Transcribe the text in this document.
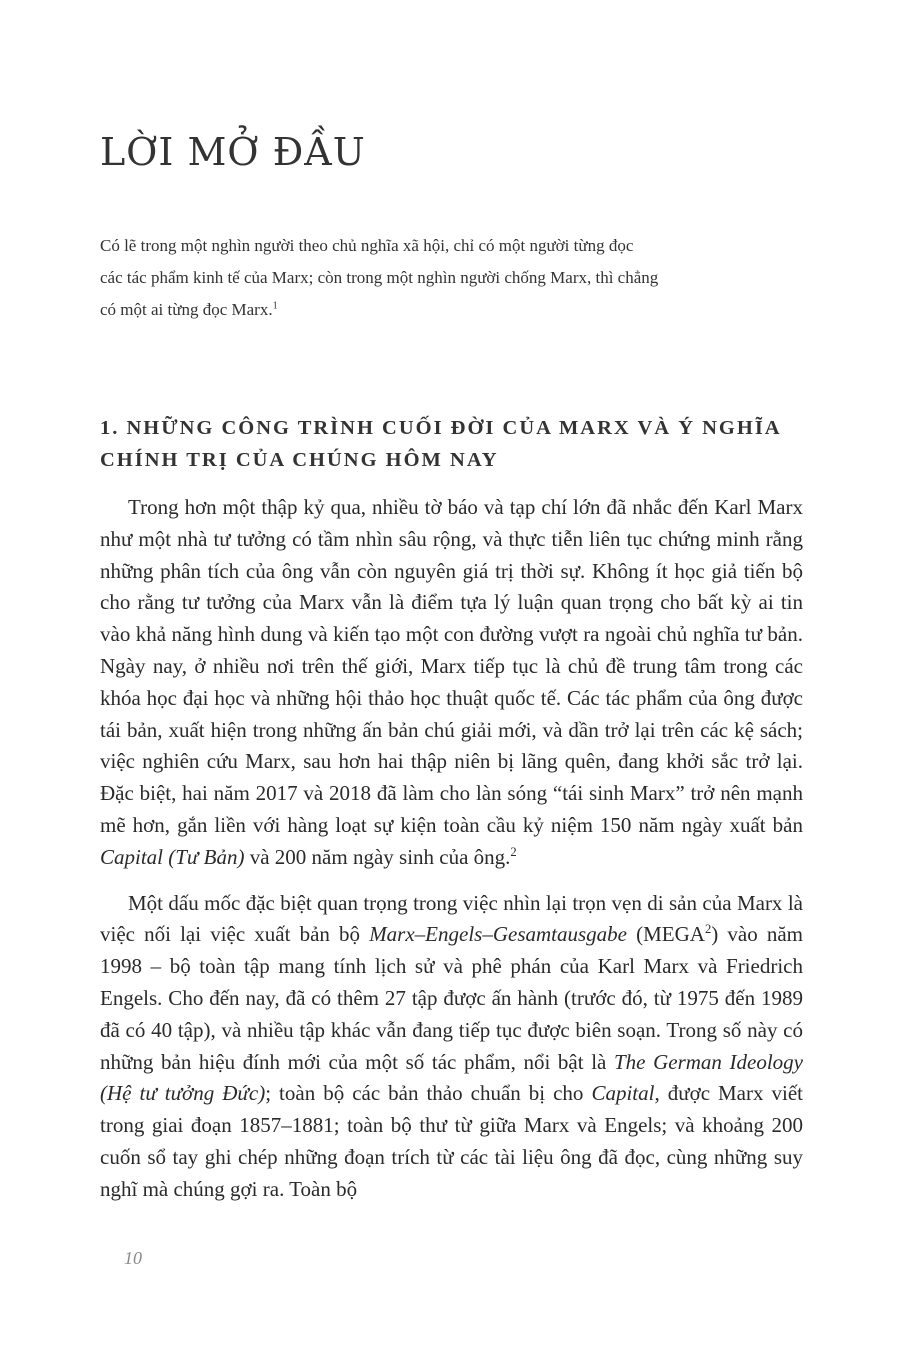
LỜI MỞ ĐẦU

Có lẽ trong một nghìn người theo chủ nghĩa xã hội, chỉ có một người từng đọc các tác phẩm kinh tế của Marx; còn trong một nghìn người chống Marx, thì chẳng có một ai từng đọc Marx.$^1$

1. NHỮNG CÔNG TRÌNH CUỐI ĐỜI CỦA MARX VÀ Ý NGHĨA CHÍNH TRỊ CỦA CHÚNG HÔM NAY

Trong hơn một thập kỷ qua, nhiều tờ báo và tạp chí lớn đã nhắc đến Karl Marx như một nhà tư tưởng có tầm nhìn sâu rộng, và thực tiễn liên tục chứng minh rằng những phân tích của ông vẫn còn nguyên giá trị thời sự. Không ít học giả tiến bộ cho rằng tư tưởng của Marx vẫn là điểm tựa lý luận quan trọng cho bất kỳ ai tin vào khả năng hình dung và kiến tạo một con đường vượt ra ngoài chủ nghĩa tư bản. Ngày nay, ở nhiều nơi trên thế giới, Marx tiếp tục là chủ đề trung tâm trong các khóa học đại học và những hội thảo học thuật quốc tế. Các tác phẩm của ông được tái bản, xuất hiện trong những ấn bản chú giải mới, và dần trở lại trên các kệ sách; việc nghiên cứu Marx, sau hơn hai thập niên bị lãng quên, đang khởi sắc trở lại. Đặc biệt, hai năm 2017 và 2018 đã làm cho làn sóng “tái sinh Marx” trở nên mạnh mẽ hơn, gắn liền với hàng loạt sự kiện toàn cầu kỷ niệm 150 năm ngày xuất bản Capital (Tư Bản) và 200 năm ngày sinh của ông.$^2$

Một dấu mốc đặc biệt quan trọng trong việc nhìn lại trọn vẹn di sản của Marx là việc nối lại việc xuất bản bộ Marx–Engels–Gesamtausgabe (MEGA$^2$) vào năm 1998 – bộ toàn tập mang tính lịch sử và phê phán của Karl Marx và Friedrich Engels. Cho đến nay, đã có thêm 27 tập được ấn hành (trước đó, từ 1975 đến 1989 đã có 40 tập), và nhiều tập khác vẫn đang tiếp tục được biên soạn. Trong số này có những bản hiệu đính mới của một số tác phẩm, nổi bật là The German Ideology (Hệ tư tưởng Đức); toàn bộ các bản thảo chuẩn bị cho Capital, được Marx viết trong giai đoạn 1857–1881; toàn bộ thư từ giữa Marx và Engels; và khoảng 200 cuốn sổ tay ghi chép những đoạn trích từ các tài liệu ông đã đọc, cùng những suy nghĩ mà chúng gợi ra. Toàn bộ

10
